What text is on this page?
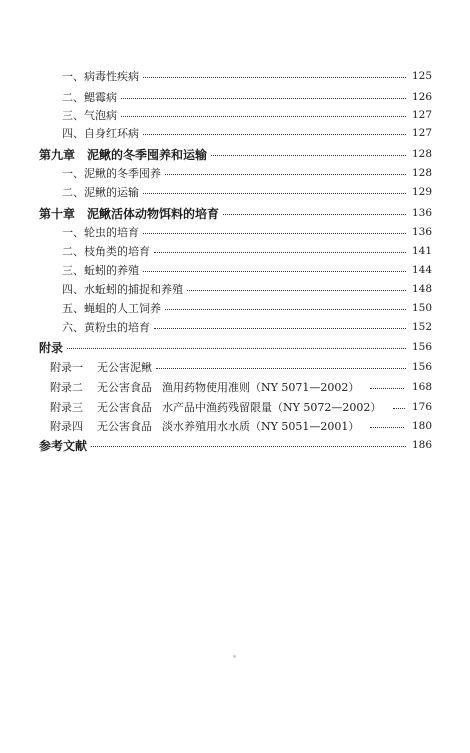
一、病毒性疾病	125
二、鳃霉病	126
三、气泡病	127
四、自身红环病	127
第九章　泥鳅的冬季囤养和运输	128
一、泥鳅的冬季囤养	128
二、泥鳅的运输	129
第十章　泥鳅活体动物饵料的培育	136
一、轮虫的培育	136
二、枝角类的培育	141
三、蚯蚓的养殖	144
四、水蚯蚓的捕捉和养殖	148
五、蝇蛆的人工饲养	150
六、黄粉虫的培育	152
附录	156
附录一 无公害泥鳅	156
附录二 无公害食品 渔用药物使用准则（NY 5071—2002）	168
附录三 无公害食品 水产品中渔药残留限量（NY 5072—2002）	176
附录四 无公害食品 淡水养殖用水水质（NY 5051—2001）	180
参考文献	186
